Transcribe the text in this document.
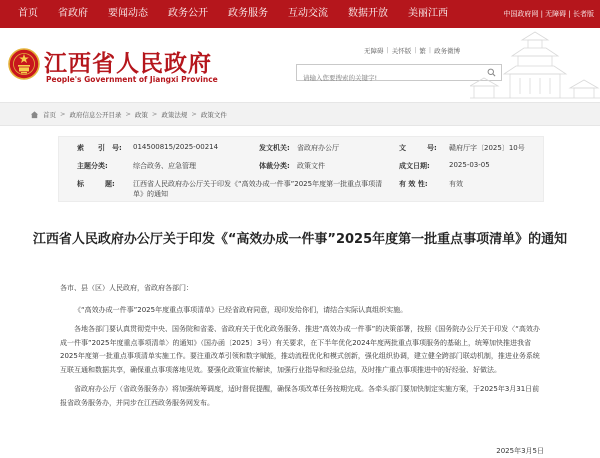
首页	省政府	要闻动态	政务公开	政务服务	互动交流	数据开放	美丽江西	中国政府网 | 无障碍 | 长者版
江西省人民政府
People's Government of Jiangxi Province
无障碍 | 关怀版 | 繁 | 政务微博
请输入您要搜索的关键字!
首页 > 政府信息公开目录 > 政策 > 政策法规 > 政策文件
索　　引　号: 014500815/2025-00214	发文机关: 省政府办公厅	文　　　号: 赣府厅字〔2025〕10号
主题分类:	综合政务、应急管理	体裁分类: 政策文件	成文日期:	2025-03-05
标　　　题:	江西省人民政府办公厅关于印发《“高效办成一件事”2025年度第一批重点事项清单》的通知
有 效 性:	有效
江西省人民政府办公厅关于印发《“高效办成一件事”2025年度第一批重点事项清单》的通知

各市、县（区）人民政府，省政府各部门：

《“高效办成一件事”2025年度重点事项清单》已经省政府同意，现印发给你们，请结合实际认真组织实施。

各地各部门要认真贯彻党中央、国务院和省委、省政府关于优化政务服务、推进“高效办成一件事”的决策部署，按照《国务院办公厅关于印发〈“高效办成一件事”2025年度重点事项清单〉的通知》（国办函〔2025〕3号）有关要求，在下半年优化2024年度两批重点事项服务的基础上，统筹加快推进我省2025年度第一批重点事项清单实施工作。要注重改革引领和数字赋能，推动流程优化和模式创新，强化组织协调，建立健全跨部门联动机制，推进业务系统互联互通和数据共享，确保重点事项落地见效。要强化政策宣传解读，加强行业指导和经验总结，及时推广重点事项推进中的好经验、好做法。

省政府办公厅（省政务服务办）将加强统筹调度，适时督促提醒，确保各项改革任务按期完成。各牵头部门要加快制定实施方案，于2025年3月31日前报省政务服务办，并同步在江西政务服务网发布。

2025年3月5日
